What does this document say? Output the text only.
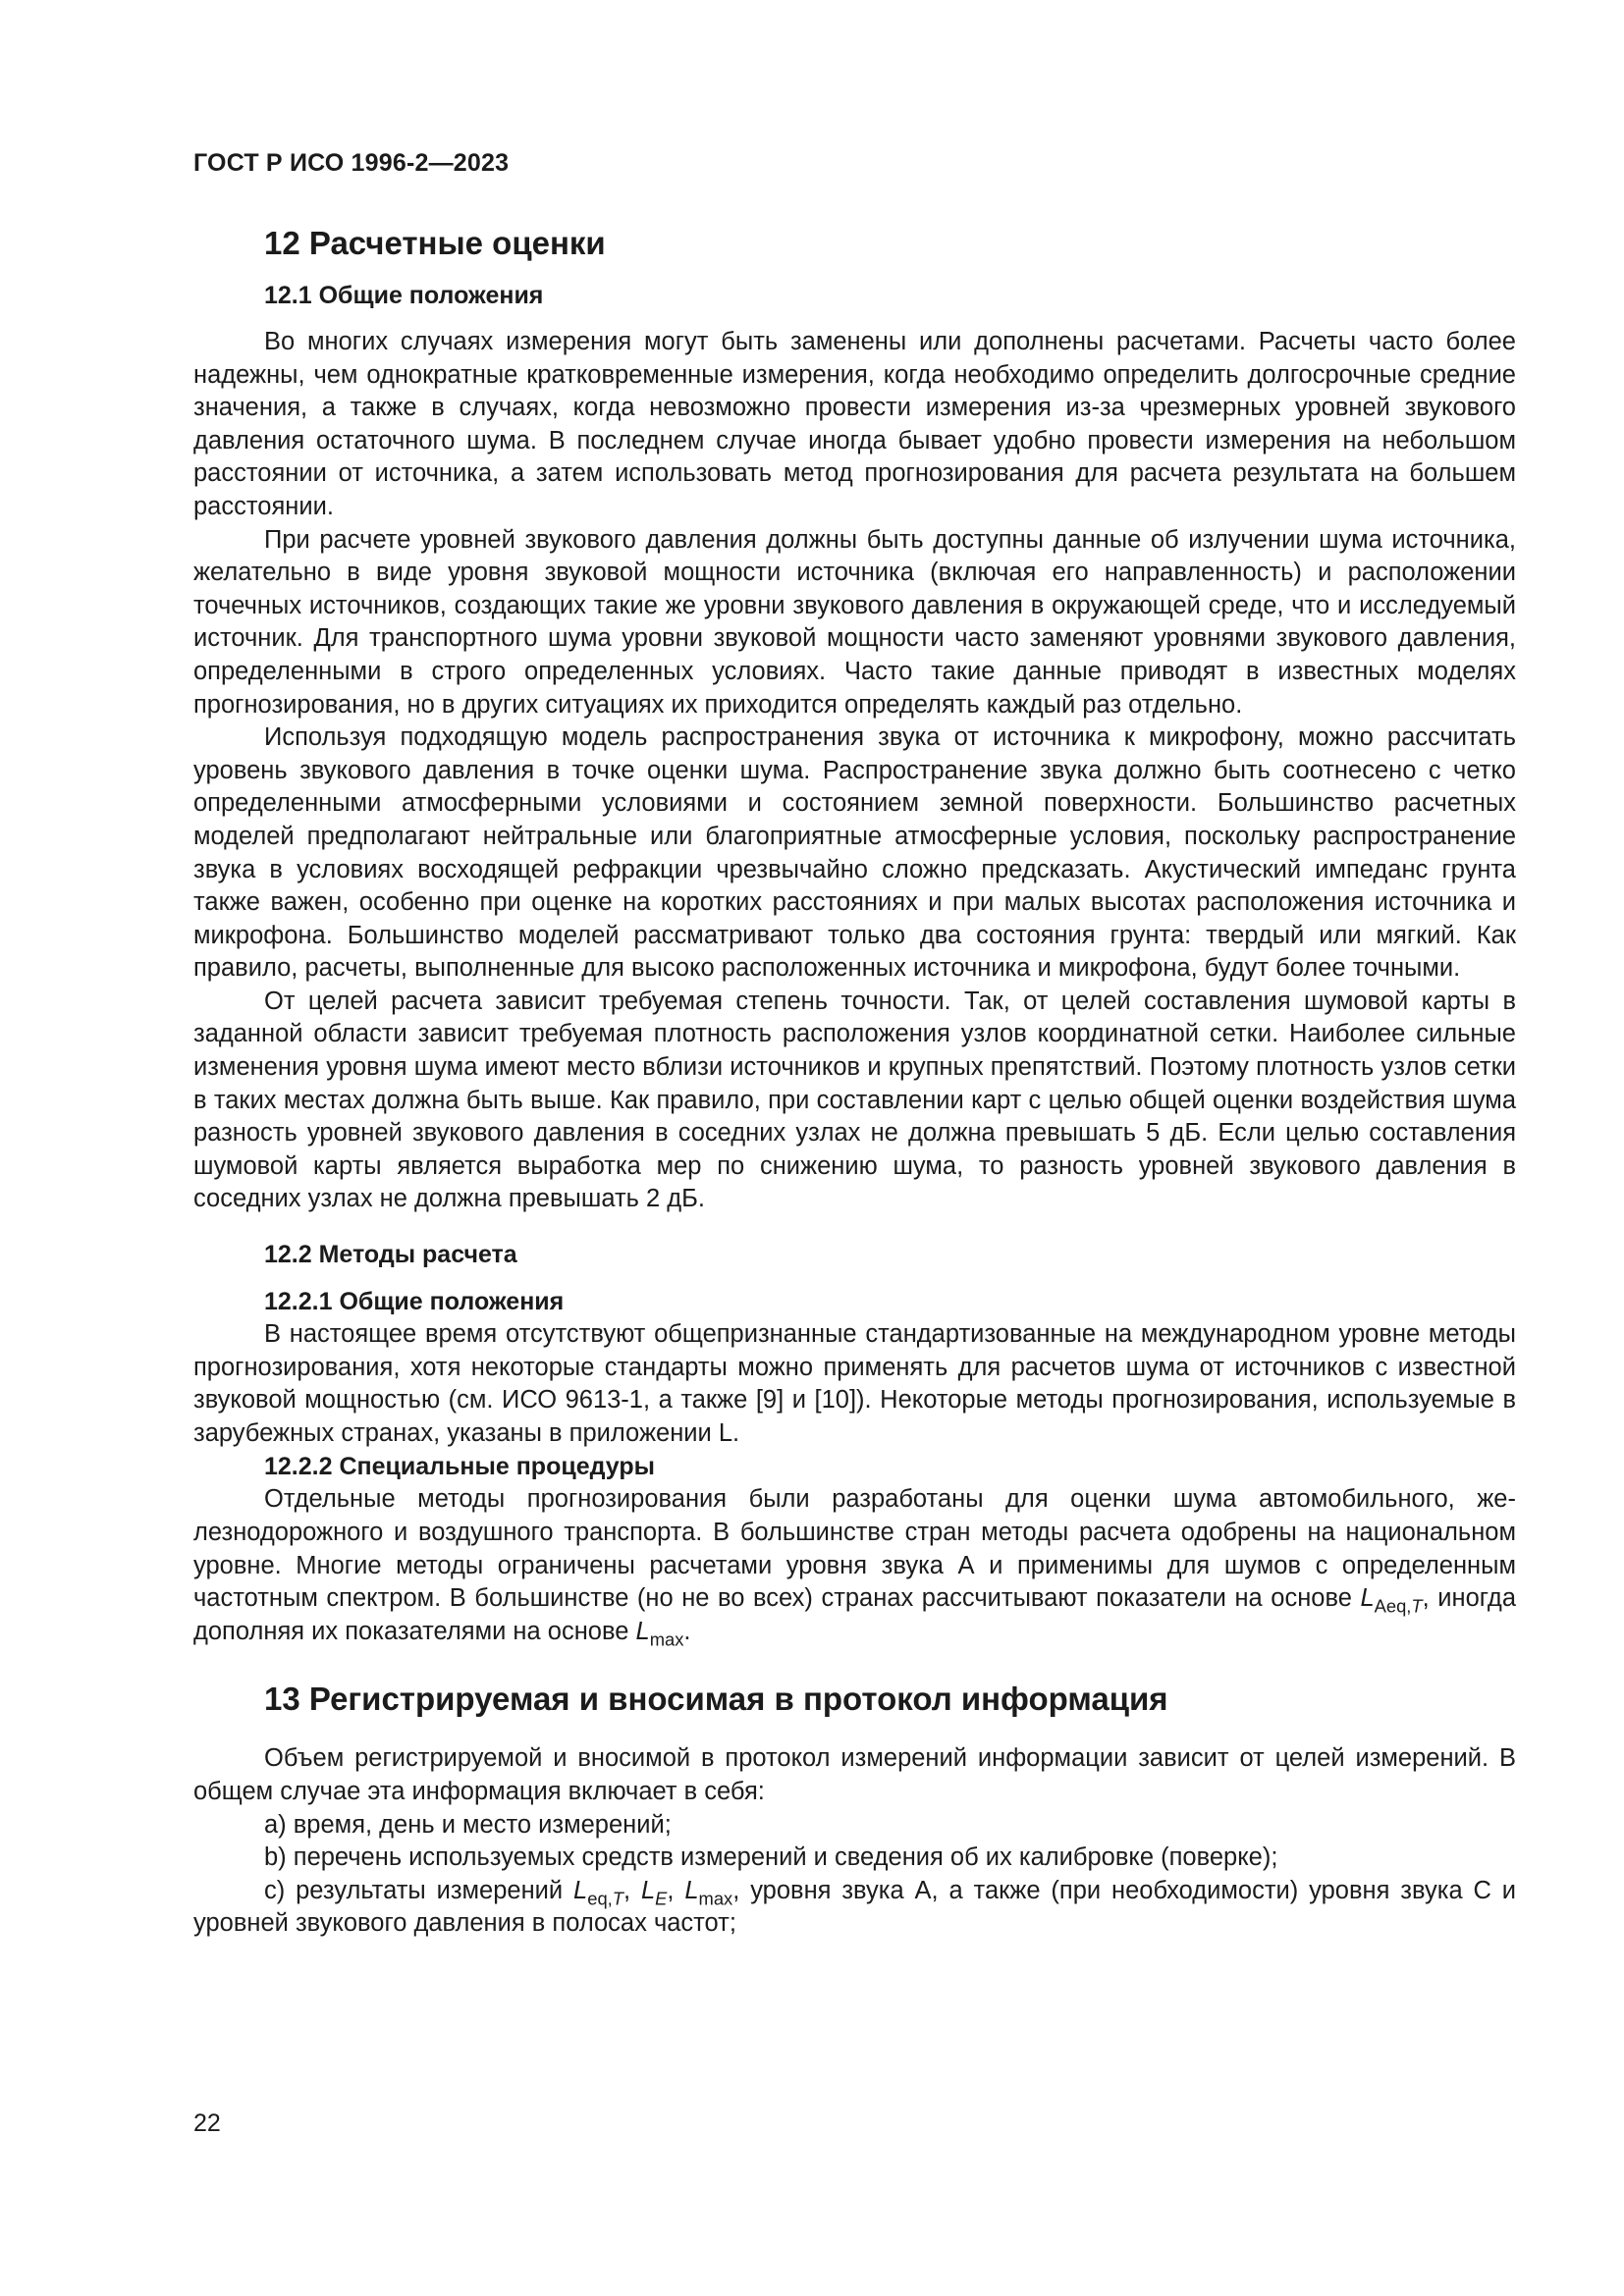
ГОСТ Р ИСО 1996-2—2023
12 Расчетные оценки
12.1 Общие положения

Во многих случаях измерения могут быть заменены или дополнены расчетами. Расчеты часто более надежны, чем однократные кратковременные измерения, когда необходимо определить долгосрочные средние значения, а также в случаях, когда невозможно провести измерения из-за чрезмерных уровней звукового давления остаточного шума. В последнем случае иногда бывает удобно провести измерения на небольшом расстоянии от источника, а затем использовать метод прогнозирования для расчета результата на большем расстоянии.

При расчете уровней звукового давления должны быть доступны данные об излучении шума источника, желательно в виде уровня звуковой мощности источника (включая его направленность) и расположении точечных источников, создающих такие же уровни звукового давления в окружающей среде, что и исследуемый источник. Для транспортного шума уровни звуковой мощности часто заменяют уровнями звукового давления, определенными в строго определенных условиях. Часто такие данные приводят в известных моделях прогнозирования, но в других ситуациях их приходится определять каждый раз отдельно.

Используя подходящую модель распространения звука от источника к микрофону, можно рассчитать уровень звукового давления в точке оценки шума. Распространение звука должно быть соотнесено с четко определенными атмосферными условиями и состоянием земной поверхности. Большинство расчетных моделей предполагают нейтральные или благоприятные атмосферные условия, поскольку распространение звука в условиях восходящей рефракции чрезвычайно сложно предсказать. Акустический импеданс грунта также важен, особенно при оценке на коротких расстояниях и при малых высотах расположения источника и микрофона. Большинство моделей рассматривают только два состояния грунта: твердый или мягкий. Как правило, расчеты, выполненные для высоко расположенных источника и микрофона, будут более точными.

От целей расчета зависит требуемая степень точности. Так, от целей составления шумовой карты в заданной области зависит требуемая плотность расположения узлов координатной сетки. Наиболее сильные изменения уровня шума имеют место вблизи источников и крупных препятствий. Поэтому плотность узлов сетки в таких местах должна быть выше. Как правило, при составлении карт с целью общей оценки воздействия шума разность уровней звукового давления в соседних узлах не должна превышать 5 дБ. Если целью составления шумовой карты является выработка мер по снижению шума, то разность уровней звукового давления в соседних узлах не должна превышать 2 дБ.

12.2 Методы расчета
12.2.1 Общие положения

В настоящее время отсутствуют общепризнанные стандартизованные на международном уровне методы прогнозирования, хотя некоторые стандарты можно применять для расчетов шума от источников с известной звуковой мощностью (см. ИСО 9613-1, а также [9] и [10]). Некоторые методы прогнозирования, используемые в зарубежных странах, указаны в приложении L.

12.2.2 Специальные процедуры

Отдельные методы прогнозирования были разработаны для оценки шума автомобильного, железнодорожного и воздушного транспорта. В большинстве стран методы расчета одобрены на национальном уровне. Многие методы ограничены расчетами уровня звука А и применимы для шумов с определенным частотным спектром. В большинстве (но не во всех) странах рассчитывают показатели на основе $L_{Aeq,T}$, иногда дополняя их показателями на основе $L_{max}$.

13 Регистрируемая и вносимая в протокол информация

Объем регистрируемой и вносимой в протокол измерений информации зависит от целей измерений. В общем случае эта информация включает в себя:

a) время, день и место измерений;

b) перечень используемых средств измерений и сведения об их калибровке (поверке);

c) результаты измерений $L_{eq,T}$, $L_E$, $L_{max}$, уровня звука А, а также (при необходимости) уровня звука С и уровней звукового давления в полосах частот;

22
